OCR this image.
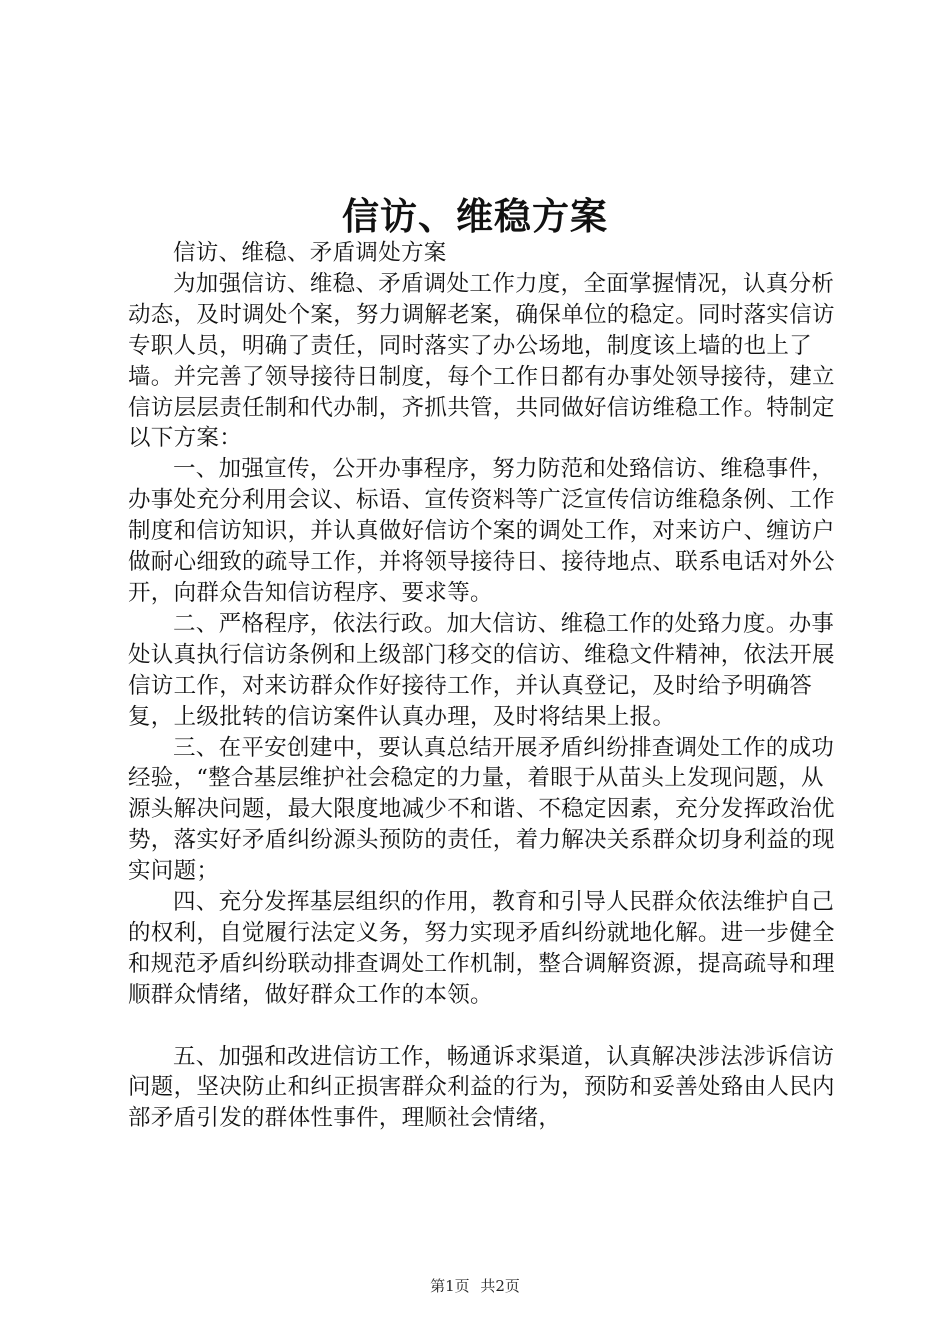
信访、维稳方案

信访、维稳、矛盾调处方案

为加强信访、维稳、矛盾调处工作力度，全面掌握情况，认真分析动态，及时调处个案，努力调解老案，确保单位的稳定。同时落实信访专职人员，明确了责任，同时落实了办公场地，制度该上墙的也上了墙。并完善了领导接待日制度，每个工作日都有办事处领导接待，建立信访层层责任制和代办制，齐抓共管，共同做好信访维稳工作。特制定以下方案：

一、加强宣传，公开办事程序，努力防范和处臵信访、维稳事件，办事处充分利用会议、标语、宣传资料等广泛宣传信访维稳条例、工作制度和信访知识，并认真做好信访个案的调处工作，对来访户、缠访户做耐心细致的疏导工作，并将领导接待日、接待地点、联系电话对外公开，向群众告知信访程序、要求等。

二、严格程序，依法行政。加大信访、维稳工作的处臵力度。办事处认真执行信访条例和上级部门移交的信访、维稳文件精神，依法开展信访工作，对来访群众作好接待工作，并认真登记，及时给予明确答复，上级批转的信访案件认真办理，及时将结果上报。

三、在平安创建中，要认真总结开展矛盾纠纷排查调处工作的成功经验，“整合基层维护社会稳定的力量，着眼于从苗头上发现问题，从源头解决问题，最大限度地减少不和谐、不稳定因素，充分发挥政治优势，落实好矛盾纠纷源头预防的责任，着力解决关系群众切身利益的现实问题；

四、充分发挥基层组织的作用，教育和引导人民群众依法维护自己的权利，自觉履行法定义务，努力实现矛盾纠纷就地化解。进一步健全和规范矛盾纠纷联动排查调处工作机制，整合调解资源，提高疏导和理顺群众情绪，做好群众工作的本领。

五、加强和改进信访工作，畅通诉求渠道，认真解决涉法涉诉信访问题，坚决防止和纠正损害群众利益的行为，预防和妥善处臵由人民内部矛盾引发的群体性事件，理顺社会情绪，

第1页 共2页
